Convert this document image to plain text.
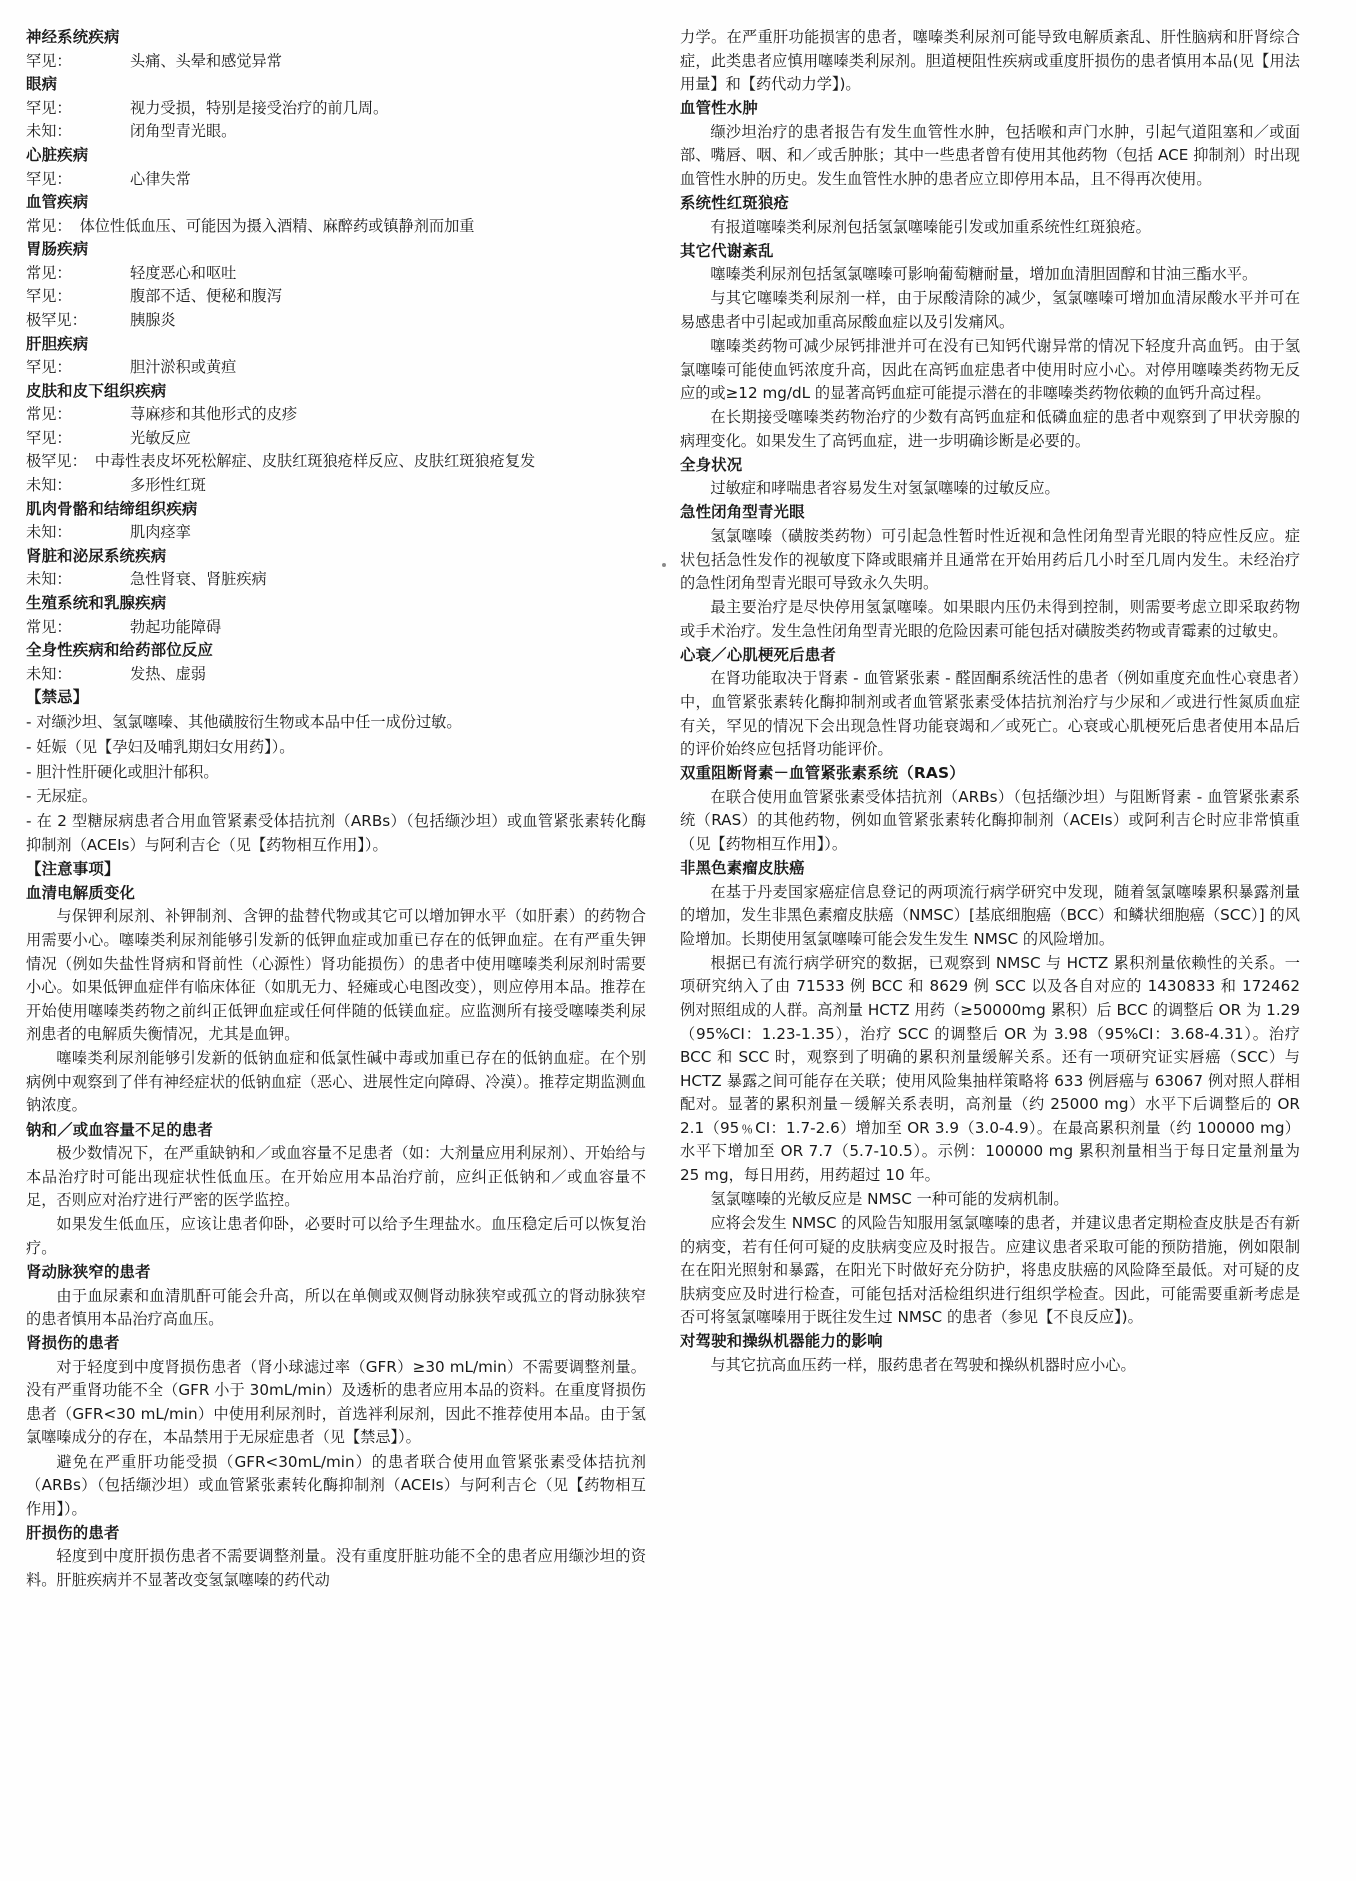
神经系统疾病
罕见：	头痛、头晕和感觉异常
眼病
罕见：	视力受损，特别是接受治疗的前几周。
未知：	闭角型青光眼。
心脏疾病
罕见：	心律失常
血管疾病
常见： 体位性低血压、可能因为摄入酒精、麻醉药或镇静剂而加重
胃肠疾病
常见：	轻度恶心和呕吐
罕见：	腹部不适、便秘和腹泻
极罕见：	胰腺炎
肝胆疾病
罕见：	胆汁淤积或黄疸
皮肤和皮下组织疾病
常见：	荨麻疹和其他形式的皮疹
罕见：	光敏反应
极罕见： 中毒性表皮坏死松解症、皮肤红斑狼疮样反应、皮肤红斑狼疮复发
未知：	多形性红斑
肌肉骨骼和结缔组织疾病
未知：	肌肉痉挛
肾脏和泌尿系统疾病
未知：	急性肾衰、肾脏疾病
生殖系统和乳腺疾病
常见：	勃起功能障碍
全身性疾病和给药部位反应
未知：	发热、虚弱
【禁忌】
- 对缬沙坦、氢氯噻嗪、其他磺胺衍生物或本品中任一成份过敏。
- 妊娠（见【孕妇及哺乳期妇女用药】）。
- 胆汁性肝硬化或胆汁郁积。
- 无尿症。
- 在 2 型糖尿病患者合用血管紧素受体拮抗剂（ARBs）（包括缬沙坦）或血管紧张素转化酶抑制剂（ACEIs）与阿利吉仑（见【药物相互作用】）。
【注意事项】
血清电解质变化
与保钾利尿剂、补钾制剂、含钾的盐替代物或其它可以增加钾水平（如肝素）的药物合用需要小心。噻嗪类利尿剂能够引发新的低钾血症或加重已存在的低钾血症。在有严重失钾情况（例如失盐性肾病和肾前性（心源性）肾功能损伤）的患者中使用噻嗪类利尿剂时需要小心。如果低钾血症伴有临床体征（如肌无力、轻瘫或心电图改变），则应停用本品。推荐在开始使用噻嗪类药物之前纠正低钾血症或任何伴随的低镁血症。应监测所有接受噻嗪类利尿剂患者的电解质失衡情况，尤其是血钾。
噻嗪类利尿剂能够引发新的低钠血症和低氯性碱中毒或加重已存在的低钠血症。在个别病例中观察到了伴有神经症状的低钠血症（恶心、进展性定向障碍、冷漠）。推荐定期监测血钠浓度。
钠和／或血容量不足的患者
极少数情况下，在严重缺钠和／或血容量不足患者（如：大剂量应用利尿剂）、开始给与本品治疗时可能出现症状性低血压。在开始应用本品治疗前，应纠正低钠和／或血容量不足，否则应对治疗进行严密的医学监控。
如果发生低血压，应该让患者仰卧，必要时可以给予生理盐水。血压稳定后可以恢复治疗。
肾动脉狭窄的患者
由于血尿素和血清肌酐可能会升高，所以在单侧或双侧肾动脉狭窄或孤立的肾动脉狭窄的患者慎用本品治疗高血压。
肾损伤的患者
对于轻度到中度肾损伤患者（肾小球滤过率（GFR）≥30 mL/min）不需要调整剂量。没有严重肾功能不全（GFR 小于 30mL/min）及透析的患者应用本品的资料。在重度肾损伤患者（GFR<30 mL/min）中使用利尿剂时，首选袢利尿剂，因此不推荐使用本品。由于氢氯噻嗪成分的存在，本品禁用于无尿症患者（见【禁忌】）。
避免在严重肝功能受损（GFR<30mL/min）的患者联合使用血管紧张素受体拮抗剂（ARBs）（包括缬沙坦）或血管紧张素转化酶抑制剂（ACEIs）与阿利吉仑（见【药物相互作用】）。
肝损伤的患者
轻度到中度肝损伤患者不需要调整剂量。没有重度肝脏功能不全的患者应用缬沙坦的资料。肝脏疾病并不显著改变氢氯噻嗪的药代动
力学。在严重肝功能损害的患者，噻嗪类利尿剂可能导致电解质紊乱、肝性脑病和肝肾综合症，此类患者应慎用噻嗪类利尿剂。胆道梗阻性疾病或重度肝损伤的患者慎用本品(见【用法用量】和【药代动力学】)。
血管性水肿
缬沙坦治疗的患者报告有发生血管性水肿，包括喉和声门水肿，引起气道阻塞和／或面部、嘴唇、咽、和／或舌肿胀；其中一些患者曾有使用其他药物（包括 ACE 抑制剂）时出现血管性水肿的历史。发生血管性水肿的患者应立即停用本品，且不得再次使用。
系统性红斑狼疮
有报道噻嗪类利尿剂包括氢氯噻嗪能引发或加重系统性红斑狼疮。
其它代谢紊乱
噻嗪类利尿剂包括氢氯噻嗪可影响葡萄糖耐量，增加血清胆固醇和甘油三酯水平。
与其它噻嗪类利尿剂一样，由于尿酸清除的减少，氢氯噻嗪可增加血清尿酸水平并可在易感患者中引起或加重高尿酸血症以及引发痛风。
噻嗪类药物可减少尿钙排泄并可在没有已知钙代谢异常的情况下轻度升高血钙。由于氢氯噻嗪可能使血钙浓度升高，因此在高钙血症患者中使用时应小心。对停用噻嗪类药物无反应的或≥12 mg/dL 的显著高钙血症可能提示潜在的非噻嗪类药物依赖的血钙升高过程。
在长期接受噻嗪类药物治疗的少数有高钙血症和低磷血症的患者中观察到了甲状旁腺的病理变化。如果发生了高钙血症，进一步明确诊断是必要的。
全身状况
过敏症和哮喘患者容易发生对氢氯噻嗪的过敏反应。
急性闭角型青光眼
氢氯噻嗪（磺胺类药物）可引起急性暂时性近视和急性闭角型青光眼的特应性反应。症状包括急性发作的视敏度下降或眼痛并且通常在开始用药后几小时至几周内发生。未经治疗的急性闭角型青光眼可导致永久失明。
最主要治疗是尽快停用氢氯噻嗪。如果眼内压仍未得到控制，则需要考虑立即采取药物或手术治疗。发生急性闭角型青光眼的危险因素可能包括对磺胺类药物或青霉素的过敏史。
心衰／心肌梗死后患者
在肾功能取决于肾素 - 血管紧张素 - 醛固酮系统活性的患者（例如重度充血性心衰患者）中，血管紧张素转化酶抑制剂或者血管紧张素受体拮抗剂治疗与少尿和／或进行性氮质血症有关，罕见的情况下会出现急性肾功能衰竭和／或死亡。心衰或心肌梗死后患者使用本品后的评价始终应包括肾功能评价。
双重阻断肾素－血管紧张素系统（RAS）
在联合使用血管紧张素受体拮抗剂（ARBs）（包括缬沙坦）与阻断肾素 - 血管紧张素系统（RAS）的其他药物，例如血管紧张素转化酶抑制剂（ACEIs）或阿利吉仑时应非常慎重（见【药物相互作用】）。
非黑色素瘤皮肤癌
在基于丹麦国家癌症信息登记的两项流行病学研究中发现，随着氢氯噻嗪累积暴露剂量的增加，发生非黑色素瘤皮肤癌（NMSC）[基底细胞癌（BCC）和鳞状细胞癌（SCC）] 的风险增加。长期使用氢氯噻嗪可能会发生发生 NMSC 的风险增加。
根据已有流行病学研究的数据，已观察到 NMSC 与 HCTZ 累积剂量依赖性的关系。一项研究纳入了由 71533 例 BCC 和 8629 例 SCC 以及各自对应的 1430833 和 172462 例对照组成的人群。高剂量 HCTZ 用药（≥50000mg 累积）后 BCC 的调整后 OR 为 1.29（95%CI：1.23-1.35），治疗 SCC 的调整后 OR 为 3.98（95%CI：3.68-4.31）。治疗 BCC 和 SCC 时，观察到了明确的累积剂量缓解关系。还有一项研究证实唇癌（SCC）与 HCTZ 暴露之间可能存在关联；使用风险集抽样策略将 633 例唇癌与 63067 例对照人群相配对。显著的累积剂量－缓解关系表明，高剂量（约 25000 mg）水平下后调整后的 OR 2.1（95﹪CI：1.7-2.6）增加至 OR 3.9（3.0-4.9）。在最高累积剂量（约 100000 mg）水平下增加至 OR 7.7（5.7-10.5）。示例：100000 mg 累积剂量相当于每日定量剂量为 25 mg，每日用药，用药超过 10 年。
氢氯噻嗪的光敏反应是 NMSC 一种可能的发病机制。
应将会发生 NMSC 的风险告知服用氢氯噻嗪的患者，并建议患者定期检查皮肤是否有新的病变，若有任何可疑的皮肤病变应及时报告。应建议患者采取可能的预防措施，例如限制在在阳光照射和暴露，在阳光下时做好充分防护，将患皮肤癌的风险降至最低。对可疑的皮肤病变应及时进行检查，可能包括对活检组织进行组织学检查。因此，可能需要重新考虑是否可将氢氯噻嗪用于既往发生过 NMSC 的患者（参见【不良反应】)。
对驾驶和操纵机器能力的影响
与其它抗高血压药一样，服药患者在驾驶和操纵机器时应小心。
